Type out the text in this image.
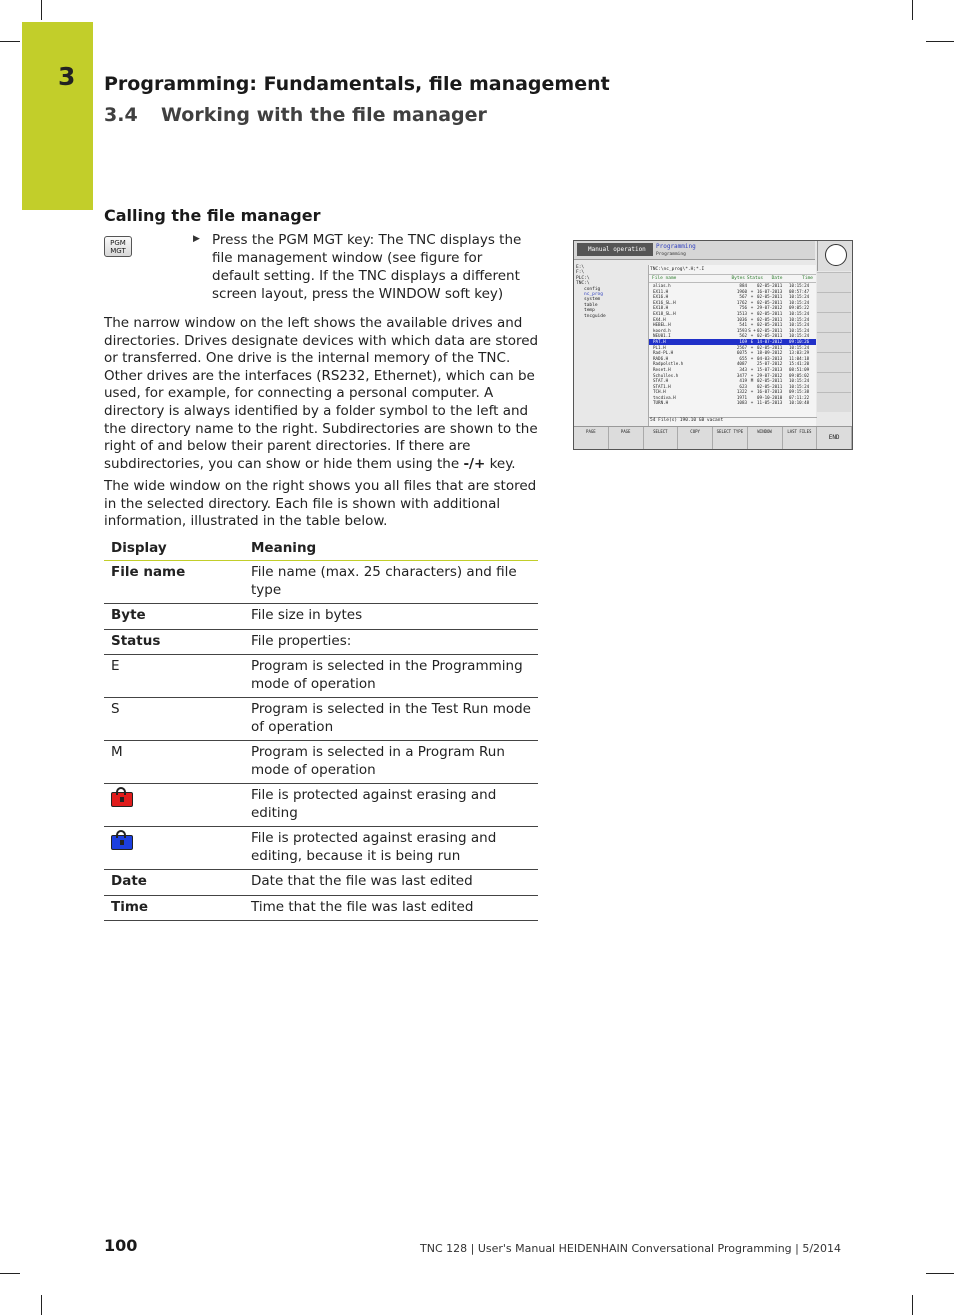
3 Programming: Fundamentals, file management
3.4 Working with the file manager
Calling the file manager
PGM
MGT
▶ Press the PGM MGT key: The TNC displays the file management window (see figure for default setting. If the TNC displays a different screen layout, press the WINDOW soft key)
The narrow window on the left shows the available drives and directories. Drives designate devices with which data are stored or transferred. One drive is the internal memory of the TNC. Other drives are the interfaces (RS232, Ethernet), which can be used, for example, for connecting a personal computer. A directory is always identified by a folder symbol to the left and the directory name to the right. Subdirectories are shown to the right of and below their parent directories. If there are subdirectories, you can show or hide them using the -/+ key.
The wide window on the right shows you all files that are stored in the selected directory. Each file is shown with additional information, illustrated in the table below.
Display	Meaning
File name	File name (max. 25 characters) and file type
Byte	File size in bytes
Status	File properties:
E	Program is selected in the Programming mode of operation
S	Program is selected in the Test Run mode of operation
M	Program is selected in a Program Run mode of operation
	File is protected against erasing and editing
	File is protected against erasing and editing, because it is being run
Date	Date that the file was last edited
Time	Time that the file was last edited
Manual operation	Programming
Programming
E:\
F:\
PLC:\
TNC:\
config
nc_prog
system
table
temp
tncguide
TNC:\nc_prog\*.H;*.I
File name	Bytes Status	Date	Time
alias.h	884 02-05-2011	10:15:24
EX11.H	1960 + 16-07-2013	08:57:47
EX16.H	567 + 02-05-2011	10:15:24
EX16_SL.H	1762 + 02-05-2011	10:15:24
EX18.H	756 + 29-07-2012	09:05:22
EX18_SL.H	1513 + 02-05-2011	10:15:24
EX4.H	1036 + 02-05-2011	10:15:24
HEBEL.H	541 + 02-05-2011	10:15:24
koord.h	1593 S + 02-05-2011	10:15:24
NEU01.I	562 + 02-05-2011	10:15:24
PAT.H	169 E 14-07-2012	09:10:26
PL1.H	2567 + 02-05-2011	10:15:24
Rad-PL.H	6075 + 18-09-2012	13:03:29
RAD6.H	655 + 04-03-2013	11:04:18
Radpolstle.h	4087 25-07-2012	15:41:20
Reset.H	343 + 15-07-2013	08:51:09
Schulles.h	3477 + 29-07-2012	09:05:02
STAT.H	419 M 02-05-2011	10:15:24
STAT1.H	623 02-05-2011	10:15:24
TCH.H	1322 + 16-07-2013	09:15:38
tncdiva.H	1971 09-10-2010	07:11:22
TURN.H	1083 + 11-05-2013	10:10:48
54 File(s) 190.10 GB vacant
PAGE	PAGE	SELECT	COPY	SELECT TYPE	WINDOW	LAST FILES
END
100	TNC 128 | User's Manual HEIDENHAIN Conversational Programming | 5/2014
